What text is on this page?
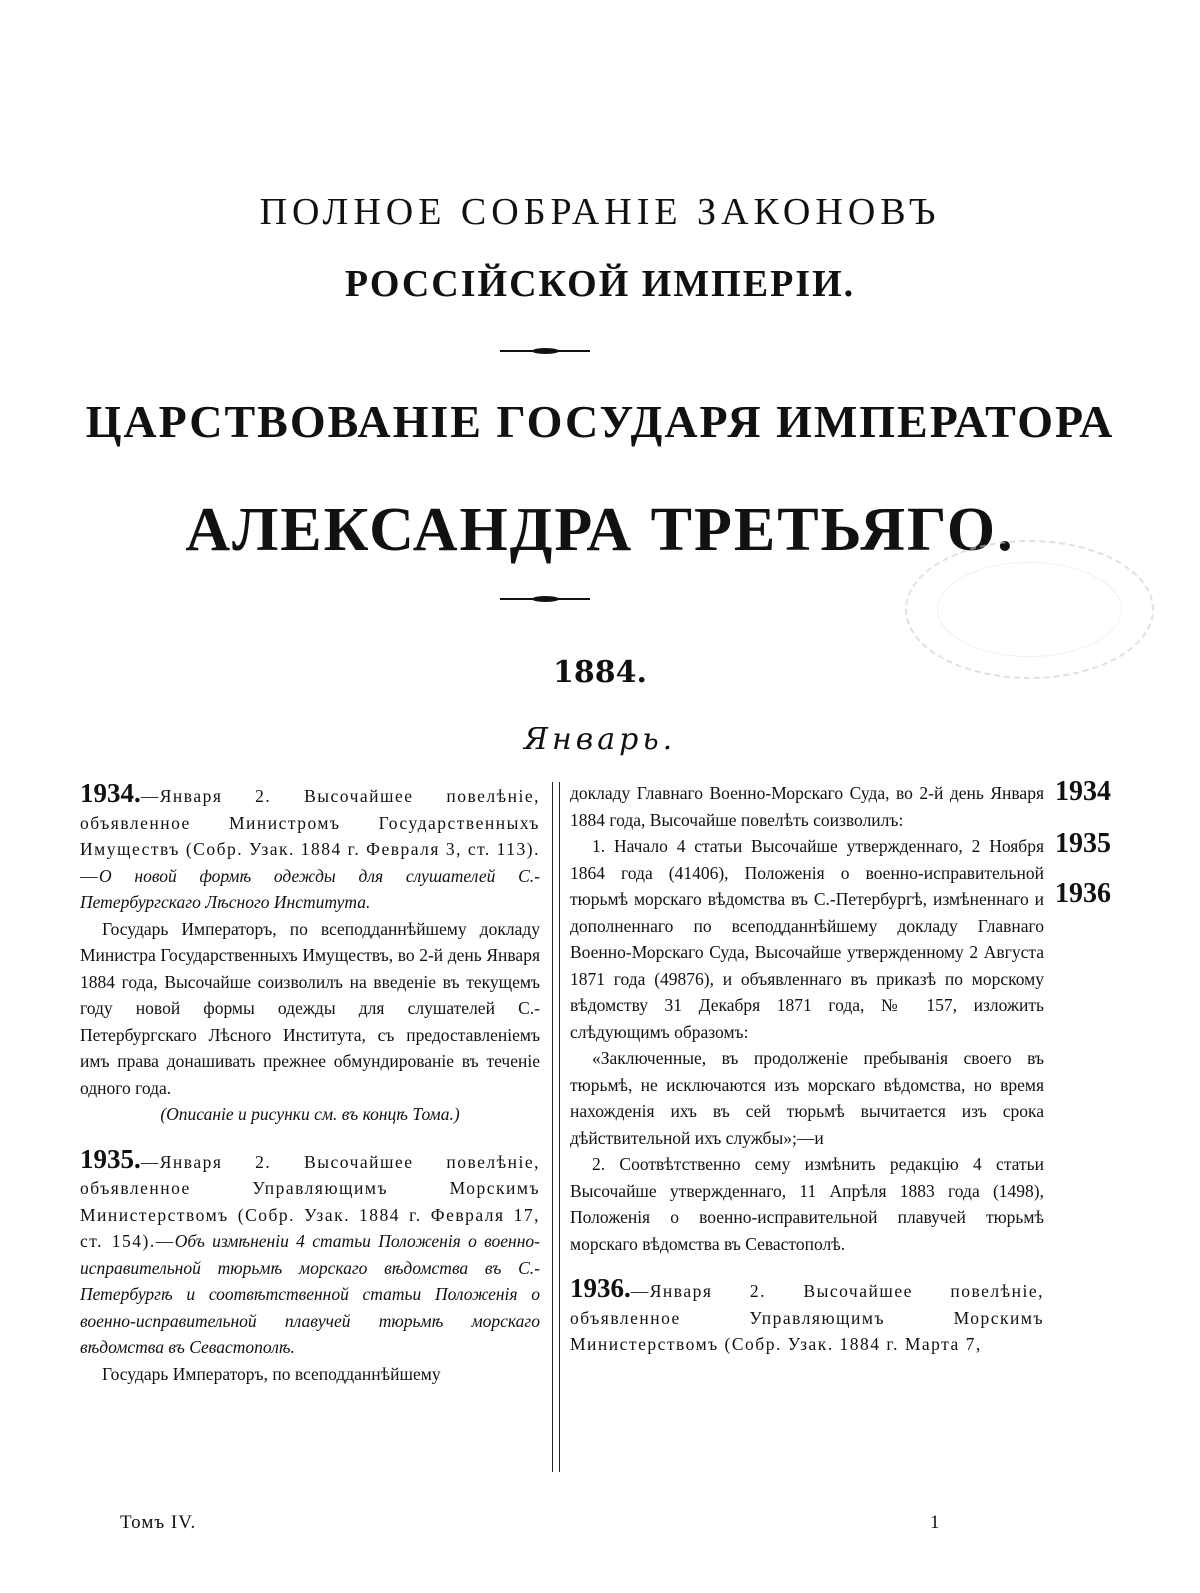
ПОЛНОЕ СОБРАНІЕ ЗАКОНОВЪ
РОССІЙСКОЙ ИМПЕРІИ.
ЦАРСТВОВАНІЕ ГОСУДАРЯ ИМПЕРАТОРА
АЛЕКСАНДРА ТРЕТЬЯГО.
1884.
Январь.

1934.—Января 2. Высочайшее повелѣніе, объявленное Министромъ Государственныхъ Имуществъ (Собр. Узак. 1884 г. Февраля 3, ст. 113).—О новой формѣ одежды для слушателей С.-Петербургскаго Лѣсного Института.

Государь Императоръ, по всеподданнѣйшему докладу Министра Государственныхъ Имуществъ, во 2-й день Января 1884 года, Высочайше соизволилъ на введеніе въ текущемъ году новой формы одежды для слушателей С.-Петербургскаго Лѣсного Института, съ предоставленіемъ имъ права донашивать прежнее обмундированіе въ теченіе одного года.

(Описаніе и рисунки см. въ концѣ Тома.)

1935.—Января 2. Высочайшее повелѣніе, объявленное Управляющимъ Морскимъ Министерствомъ (Собр. Узак. 1884 г. Февраля 17, ст. 154).—Объ измѣненіи 4 статьи Положенія о военно-исправительной тюрьмѣ морскаго вѣдомства въ С.-Петербургѣ и соотвѣтственной статьи Положенія о военно-исправительной плавучей тюрьмѣ морскаго вѣдомства въ Севастополѣ.

Государь Императоръ, по всеподданнѣйшему

докладу Главнаго Военно-Морскаго Суда, во 2-й день Января 1884 года, Высочайше повелѣть соизволилъ:

1. Начало 4 статьи Высочайше утвержденнаго, 2 Ноября 1864 года (41406), Положенія о военно-исправительной тюрьмѣ морскаго вѣдомства въ С.-Петербургѣ, измѣненнаго и дополненнаго по всеподданнѣйшему докладу Главнаго Военно-Морскаго Суда, Высочайше утвержденному 2 Августа 1871 года (49876), и объявленнаго въ приказѣ по морскому вѣдомству 31 Декабря 1871 года, № 157, изложить слѣдующимъ образомъ:

«Заключенные, въ продолженіе пребыванія своего въ тюрьмѣ, не исключаются изъ морскаго вѣдомства, но время нахожденія ихъ въ сей тюрьмѣ вычитается изъ срока дѣйствительной ихъ службы»;—и

2. Соотвѣтственно сему измѣнить редакцію 4 статьи Высочайше утвержденнаго, 11 Апрѣля 1883 года (1498), Положенія о военно-исправительной плавучей тюрьмѣ морскаго вѣдомства въ Севастополѣ.

1936.—Января 2. Высочайшее повелѣніе, объявленное Управляющимъ Морскимъ Министерствомъ (Собр. Узак. 1884 г. Марта 7,

1934
1935
1936
Томъ IV.	1
